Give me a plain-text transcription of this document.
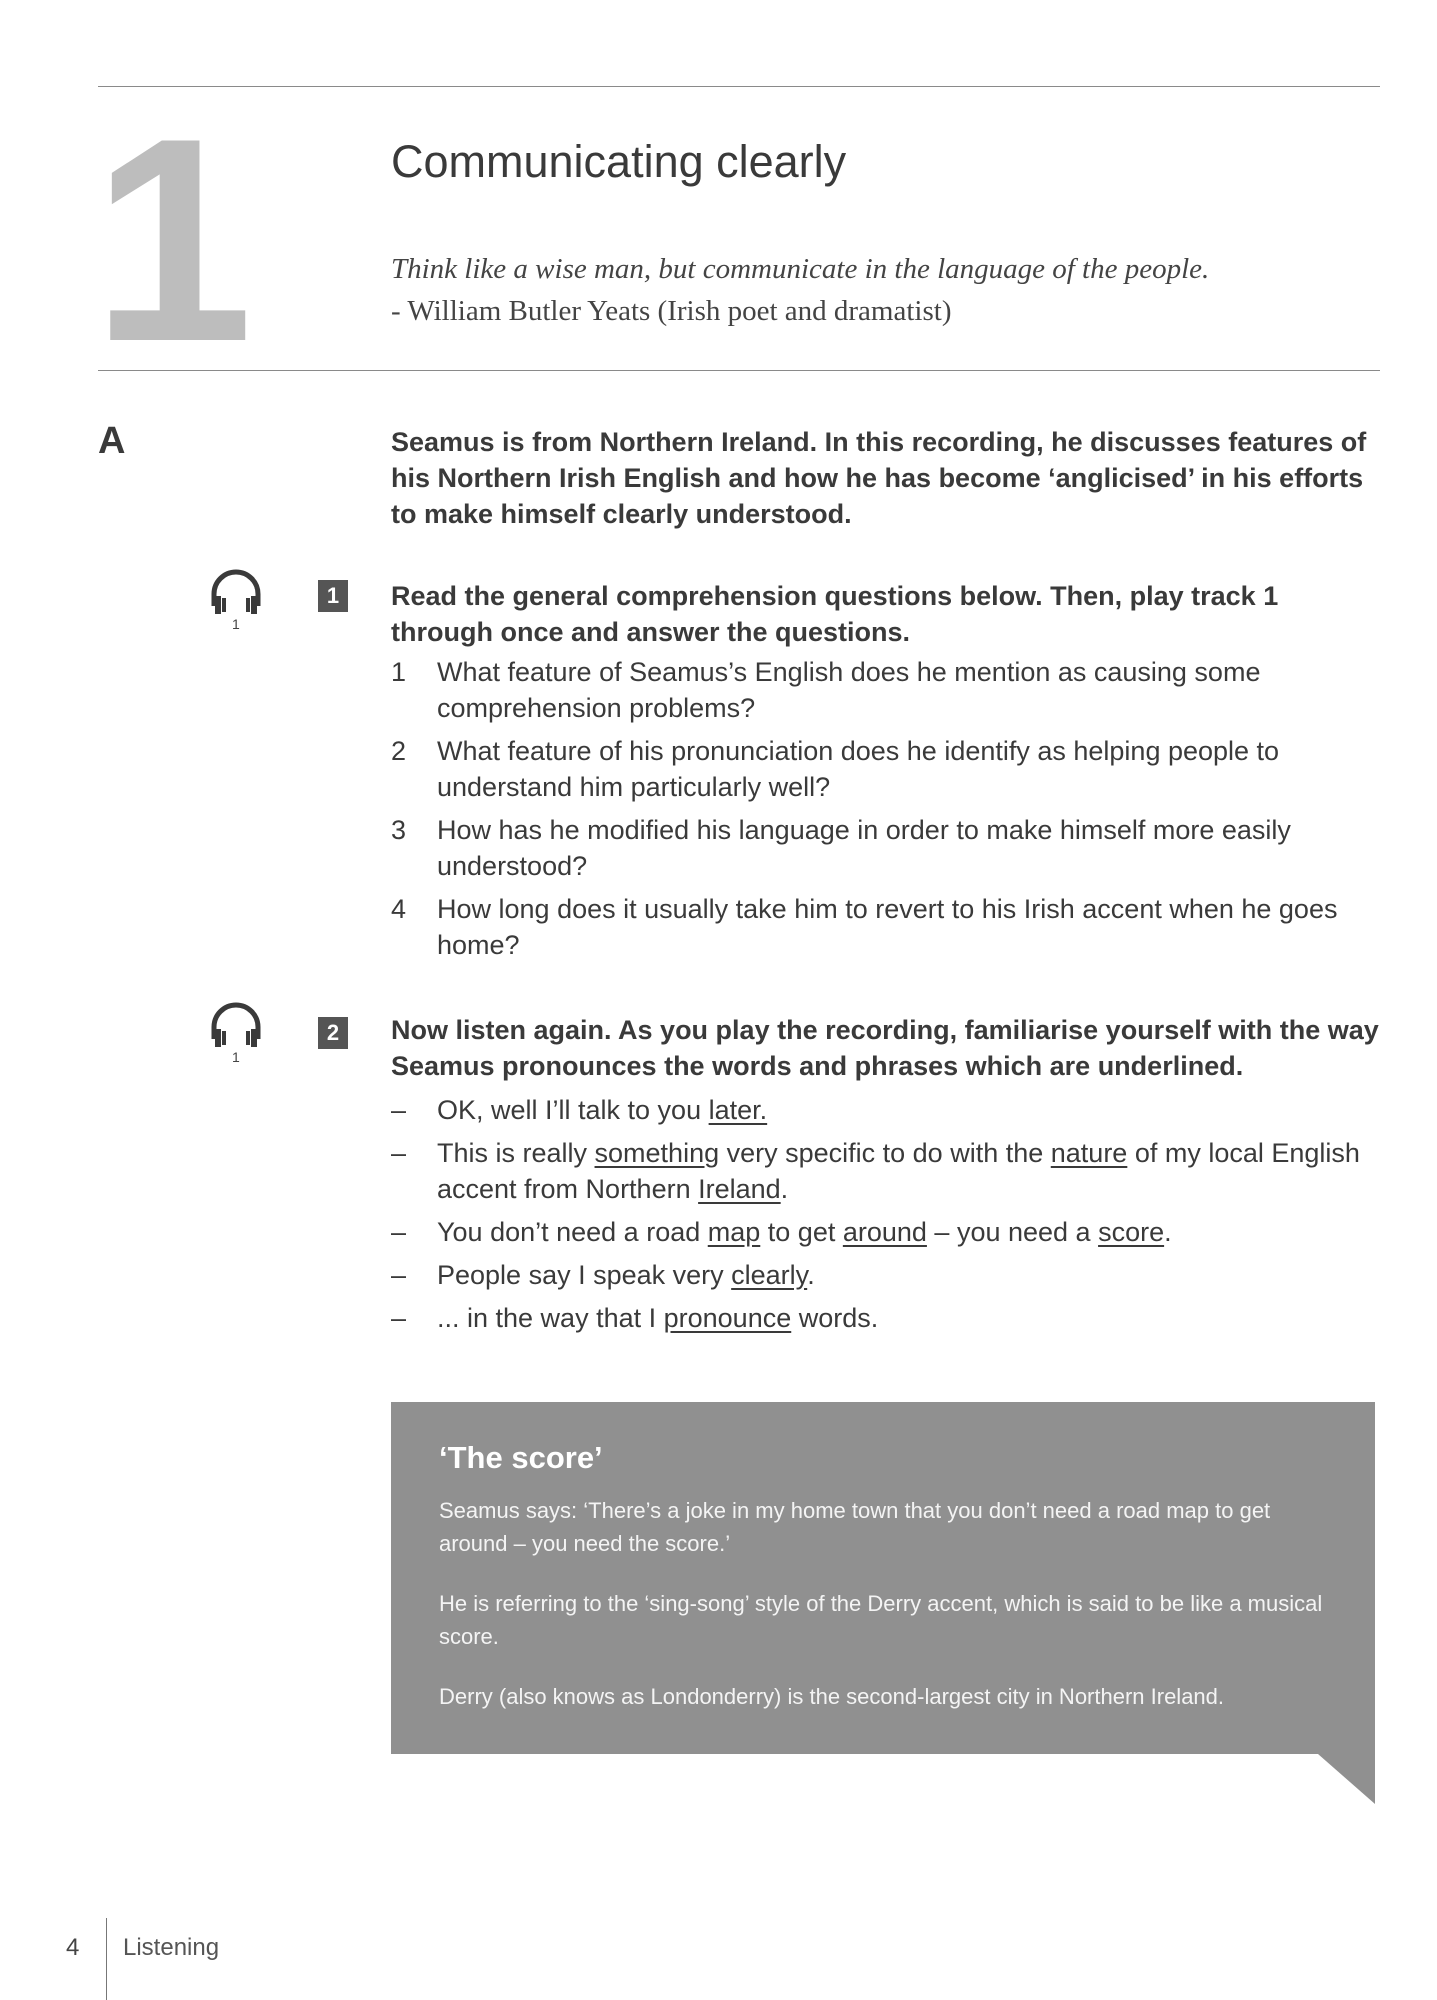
1	Communicating clearly
Think like a wise man, but communicate in the language of the people.
- William Butler Yeats (Irish poet and dramatist)
A	Seamus is from Northern Ireland. In this recording, he discusses features of his Northern Irish English and how he has become ‘anglicised’ in his efforts to make himself clearly understood.
1
1	Read the general comprehension questions below. Then, play track 1 through once and answer the questions.
1 What feature of Seamus’s English does he mention as causing some comprehension problems?
2 What feature of his pronunciation does he identify as helping people to understand him particularly well?
3 How has he modified his language in order to make himself more easily understood?
4 How long does it usually take him to revert to his Irish accent when he goes home?
1
2	Now listen again. As you play the recording, familiarise yourself with the way Seamus pronounces the words and phrases which are underlined.
– OK, well I’ll talk to you later.
– This is really something very specific to do with the nature of my local English accent from Northern Ireland.
– You don’t need a road map to get around – you need a score.
– People say I speak very clearly.
– ... in the way that I pronounce words.
‘The score’

Seamus says: ‘There’s a joke in my home town that you don’t need a road map to get around – you need the score.’

He is referring to the ‘sing-song’ style of the Derry accent, which is said to be like a musical score.

Derry (also knows as Londonderry) is the second-largest city in Northern Ireland.

4 Listening
